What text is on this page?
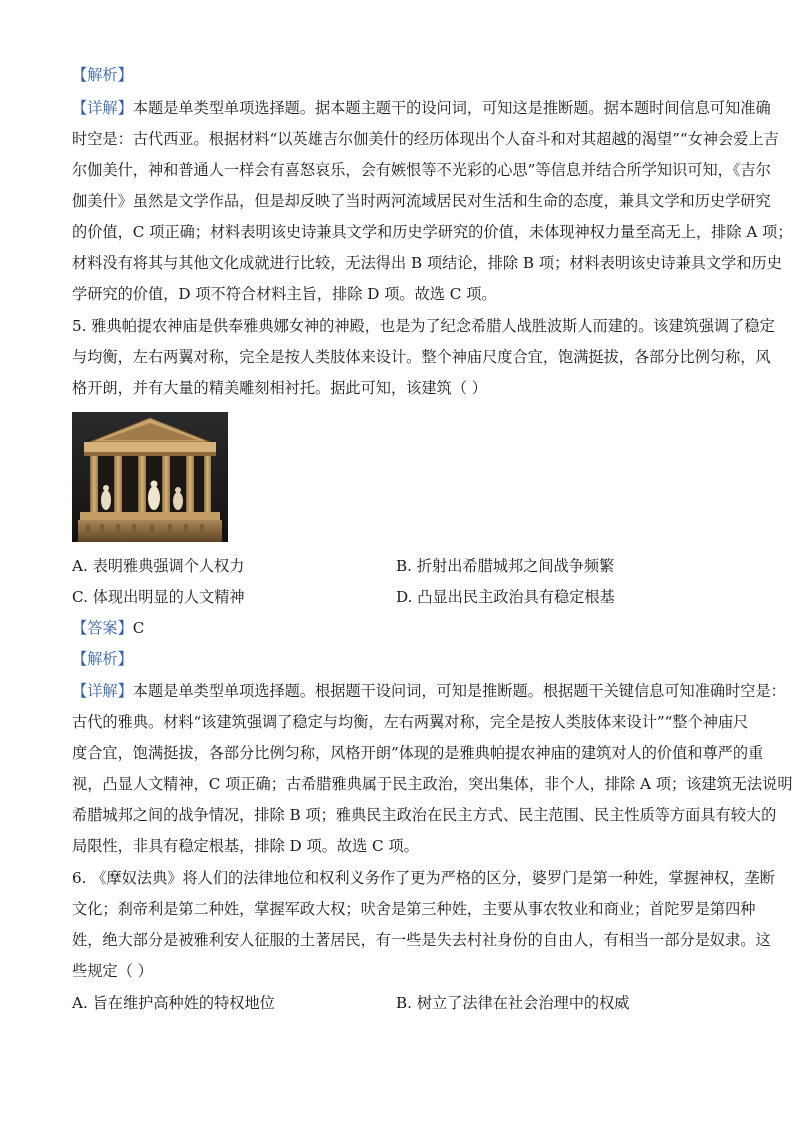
【解析】
【详解】本题是单类型单项选择题。据本题主题干的设问词，可知这是推断题。据本题时间信息可知准确
时空是：古代西亚。根据材料“以英雄吉尔伽美什的经历体现出个人奋斗和对其超越的渴望”“女神会爱上吉
尔伽美什，神和普通人一样会有喜怒哀乐，会有嫉恨等不光彩的心思”等信息并结合所学知识可知，《吉尔
伽美什》虽然是文学作品，但是却反映了当时两河流域居民对生活和生命的态度，兼具文学和历史学研究
的价值，C 项正确；材料表明该史诗兼具文学和历史学研究的价值，未体现神权力量至高无上，排除 A 项；
材料没有将其与其他文化成就进行比较，无法得出 B 项结论，排除 B 项；材料表明该史诗兼具文学和历史
学研究的价值，D 项不符合材料主旨，排除 D 项。故选 C 项。
5. 雅典帕提农神庙是供奉雅典娜女神的神殿，也是为了纪念希腊人战胜波斯人而建的。该建筑强调了稳定
与均衡，左右两翼对称，完全是按人类肢体来设计。整个神庙尺度合宜，饱满挺拔，各部分比例匀称，风
格开朗，并有大量的精美雕刻相衬托。据此可知，该建筑（ ）
A. 表明雅典强调个人权力	B. 折射出希腊城邦之间战争频繁
C. 体现出明显的人文精神	D. 凸显出民主政治具有稳定根基
【答案】C
【解析】
【详解】本题是单类型单项选择题。根据题干设问词，可知是推断题。根据题干关键信息可知准确时空是：
古代的雅典。材料“该建筑强调了稳定与均衡，左右两翼对称，完全是按人类肢体来设计”“整个神庙尺
度合宜，饱满挺拔，各部分比例匀称，风格开朗”体现的是雅典帕提农神庙的建筑对人的价值和尊严的重
视，凸显人文精神，C 项正确；古希腊雅典属于民主政治，突出集体，非个人，排除 A 项；该建筑无法说明
希腊城邦之间的战争情况，排除 B 项；雅典民主政治在民主方式、民主范围、民主性质等方面具有较大的
局限性，非具有稳定根基，排除 D 项。故选 C 项。
6. 《摩奴法典》将人们的法律地位和权利义务作了更为严格的区分，婆罗门是第一种姓，掌握神权，垄断
文化；刹帝利是第二种姓，掌握军政大权；吠舍是第三种姓，主要从事农牧业和商业；首陀罗是第四种
姓，绝大部分是被雅利安人征服的土著居民，有一些是失去村社身份的自由人，有相当一部分是奴隶。这
些规定（ ）
A. 旨在维护高种姓的特权地位	B. 树立了法律在社会治理中的权威
